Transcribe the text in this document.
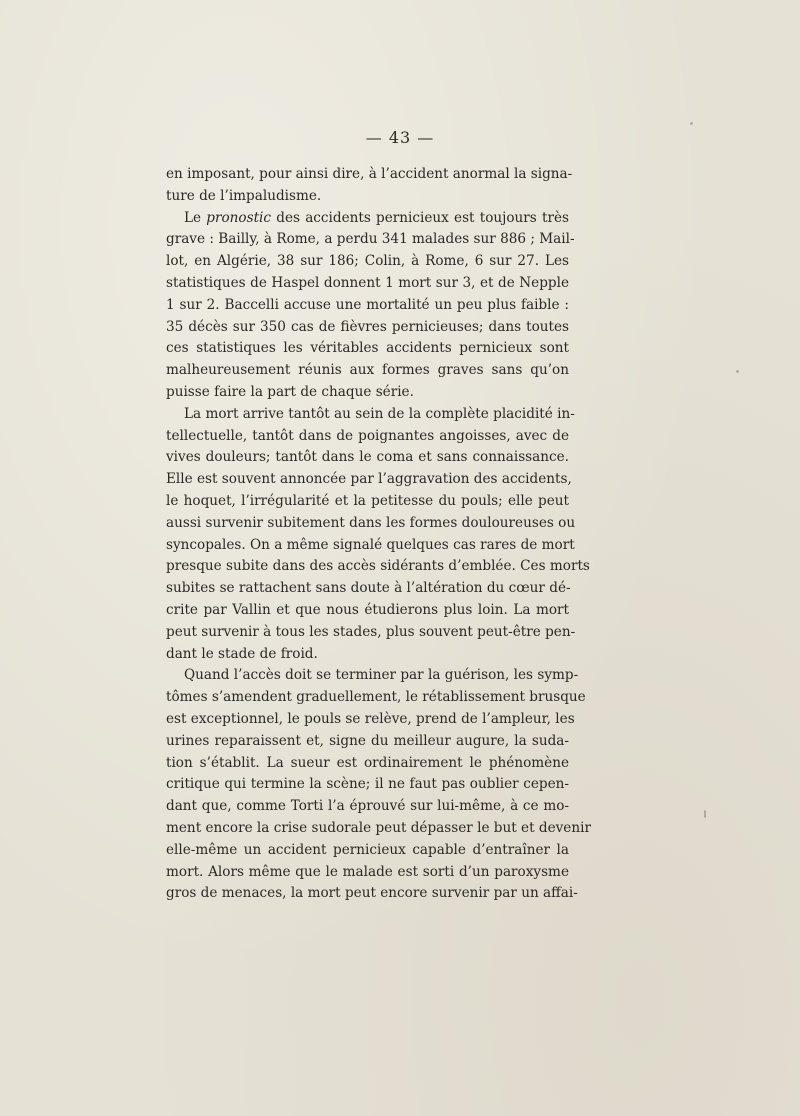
— 43 —
en imposant, pour ainsi dire, à l’accident anormal la signa-
ture de l’impaludisme.
Le pronostic des accidents pernicieux est toujours très
grave : Bailly, à Rome, a perdu 341 malades sur 886 ; Mail-
lot, en Algérie, 38 sur 186; Colin, à Rome, 6 sur 27. Les
statistiques de Haspel donnent 1 mort sur 3, et de Nepple
1 sur 2. Baccelli accuse une mortalité un peu plus faible :
35 décès sur 350 cas de fièvres pernicieuses; dans toutes
ces statistiques les véritables accidents pernicieux sont
malheureusement réunis aux formes graves sans qu’on
puisse faire la part de chaque série.
La mort arrive tantôt au sein de la complète placidité in-
tellectuelle, tantôt dans de poignantes angoisses, avec de
vives douleurs; tantôt dans le coma et sans connaissance.
Elle est souvent annoncée par l’aggravation des accidents,
le hoquet, l’irrégularité et la petitesse du pouls; elle peut
aussi survenir subitement dans les formes douloureuses ou
syncopales. On a même signalé quelques cas rares de mort
presque subite dans des accès sidérants d’emblée. Ces morts
subites se rattachent sans doute à l’altération du cœur dé-
crite par Vallin et que nous étudierons plus loin. La mort
peut survenir à tous les stades, plus souvent peut-être pen-
dant le stade de froid.
Quand l’accès doit se terminer par la guérison, les symp-
tômes s’amendent graduellement, le rétablissement brusque
est exceptionnel, le pouls se relève, prend de l’ampleur, les
urines reparaissent et, signe du meilleur augure, la suda-
tion s’établit. La sueur est ordinairement le phénomène
critique qui termine la scène; il ne faut pas oublier cepen-
dant que, comme Torti l’a éprouvé sur lui-même, à ce mo-
ment encore la crise sudorale peut dépasser le but et devenir
elle-même un accident pernicieux capable d’entraîner la
mort. Alors même que le malade est sorti d’un paroxysme
gros de menaces, la mort peut encore survenir par un affai-
